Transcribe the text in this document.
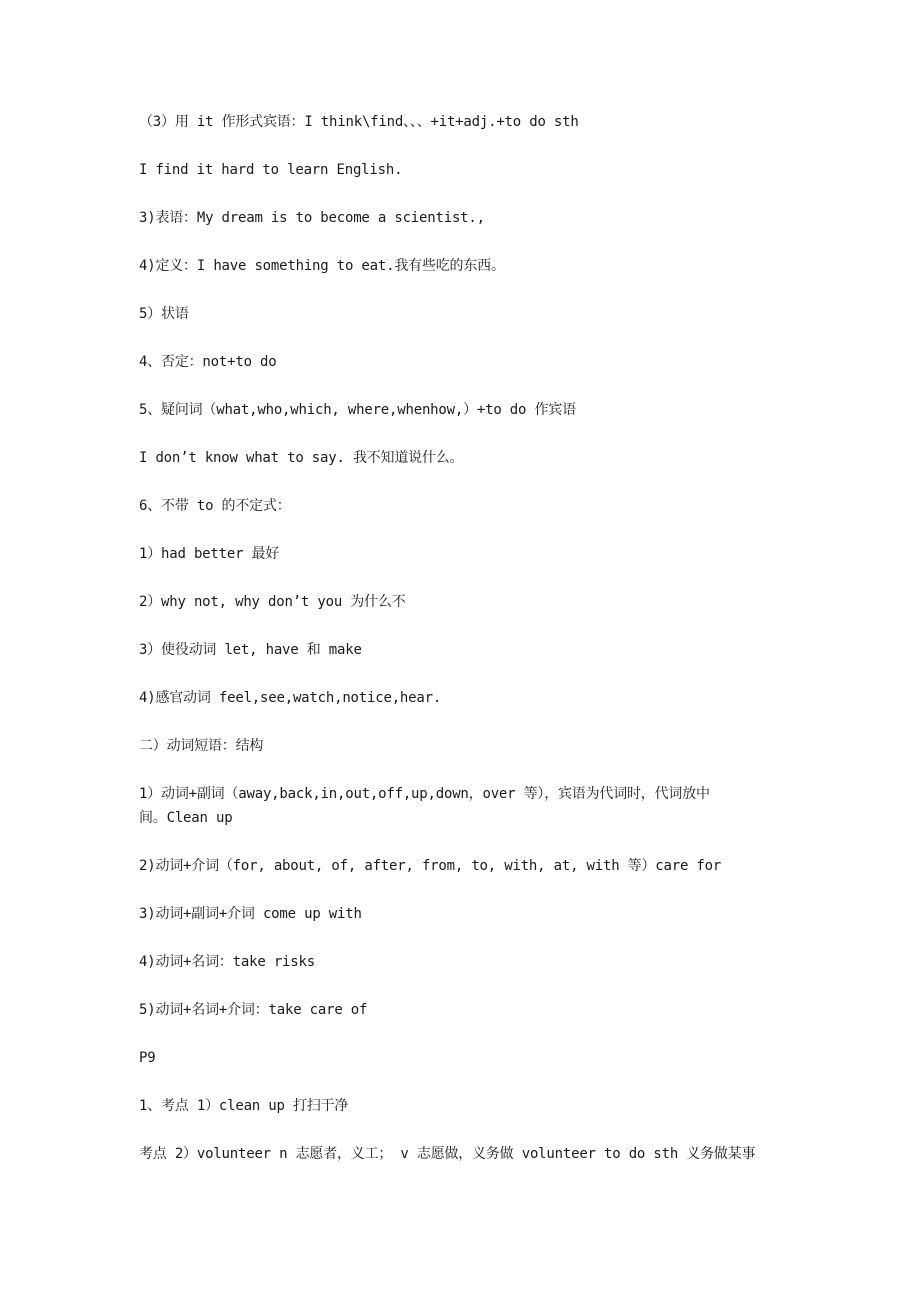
（3）用 it 作形式宾语：I think\find、、、+it+adj.+to do sth

I find it hard to learn English.

3)表语：My dream is to become a scientist.,

4)定义：I have something to eat.我有些吃的东西。

5）状语

4、否定：not+to do

5、疑问词（what,who,which, where,whenhow,）+to do 作宾语

I don’t know what to say. 我不知道说什么。

6、不带 to 的不定式：

1）had better 最好

2）why not, why don’t you 为什么不

3）使役动词 let, have 和 make

4)感官动词 feel,see,watch,notice,hear.

二）动词短语：结构

1）动词+副词（away,back,in,out,off,up,down，over 等），宾语为代词时，代词放中
间。Clean up

2)动词+介词（for, about, of, after, from, to, with, at, with 等）care for

3)动词+副词+介词 come up with

4)动词+名词：take risks

5)动词+名词+介词：take care of

P9

1、考点 1）clean up 打扫干净

考点 2）volunteer n 志愿者，义工； v 志愿做，义务做 volunteer to do sth 义务做某事
